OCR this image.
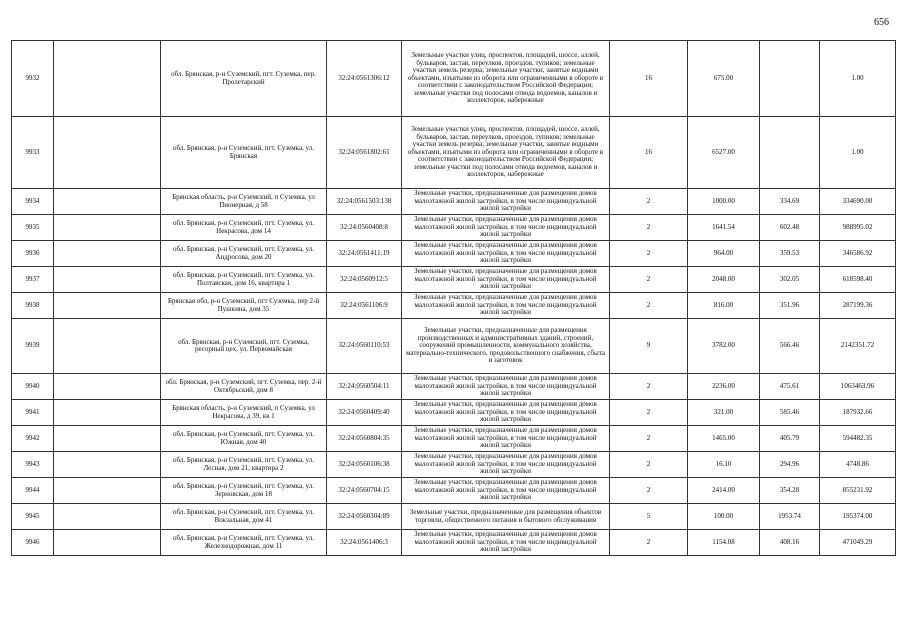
656
9932		обл. Брянская, р-н Суземский, пгт. Суземка, пер. Пролетарский	32:24:0561306:12	Земельные участки улиц, проспектов, площадей, шоссе, аллей, бульваров, застав, переулков, проездов, тупиков; земельные участки земель резерва; земельные участки, занятые водными объектами, изъятыми из оборота или ограниченными в обороте в соответствии с законодательством Российской Федерации; земельные участки под полосами отвода водоемов, каналов и коллекторов, набережные	16	675.00		1.00
9933		обл. Брянская, р-н Суземский, пгт. Суземка, ул. Брянская	32:24:0561802:61	Земельные участки улиц, проспектов, площадей, шоссе, аллей, бульваров, застав, переулков, проездов, тупиков; земельные участки земель резерва; земельные участки, занятые водными объектами, изъятыми из оборота или ограниченными в обороте в соответствии с законодательством Российской Федерации; земельные участки под полосами отвода водоемов, каналов и коллекторов, набережные	16	6527.00		1.00
9934		Брянская область, р-н Суземский, п Суземка, ул Пионерная, д 58	32:24:0561503:138	Земельные участки, предназначенные для размещения домов малоэтажной жилой застройки, в том числе индивидуальной жилой застройки	2	1000.00	334.69	334690.00
9935		обл. Брянская, р-н Суземский, пгт. Суземка, ул. Некрасова, дом 14	32:24:0560408:8	Земельные участки, предназначенные для размещения домов малоэтажной жилой застройки, в том числе индивидуальной жилой застройки	2	1641.54	602.48	988995.02
9936		обл. Брянская, р-н Суземский, пгт. Суземка, ул. Андросова, дом 20	32:24:0561411:19	Земельные участки, предназначенные для размещения домов малоэтажной жилой застройки, в том числе индивидуальной жилой застройки	2	964.00	359.53	346586.92
9937		обл. Брянская, р-н Суземский, пгт. Суземка, ул. Полтавская, дом 16, квартира 1	32:24:0560912:5	Земельные участки, предназначенные для размещения домов малоэтажной жилой застройки, в том числе индивидуальной жилой застройки	2	2048.00	302.05	618598.40
9938		Брянская обл, р-н Суземский, пгт Суземка, пер 2-й Пушкина, дом 35	32:24:0561106:9	Земельные участки, предназначенные для размещения домов малоэтажной жилой застройки, в том числе индивидуальной жилой застройки	2	816.00	351.96	287199.36
9939		обл. Брянская, р-н Суземский, пгт. Суземка, ресорный цех, ул. Первомайская	32:24:0560110:53	Земельные участки, предназначенные для размещения производственных и административных зданий, строений, сооружений промышленности, коммунального хозяйства, материально-технического, продовольственного снабжения, сбыта и заготовок	9	3782.00	566.46	2142351.72
9940		обл. Брянская, р-н Суземский, пгт. Суземка, пер. 2-й Октябрьский, дом 8	32:24:0560504:11	Земельные участки, предназначенные для размещения домов малоэтажной жилой застройки, в том числе индивидуальной жилой застройки	2	2236.00	475.61	1063463.96
9941		Брянская область, р-н Суземский, п Суземка, ул Некрасова, д 39, кв 1	32:24:0560409:40	Земельные участки, предназначенные для размещения домов малоэтажной жилой застройки, в том числе индивидуальной жилой застройки	2	321.00	585.46	187932.66
9942		обл. Брянская, р-н Суземский, пгт. Суземка, ул. Южная, дом 40	32:24:0560804:35	Земельные участки, предназначенные для размещения домов малоэтажной жилой застройки, в том числе индивидуальной жилой застройки	2	1465.00	405.79	594482.35
9943		обл. Брянская, р-н Суземский, пгт. Суземка, ул. Лесная, дом 21, квартира 2	32:24:0560106:38	Земельные участки, предназначенные для размещения домов малоэтажной жилой застройки, в том числе индивидуальной жилой застройки	2	16.10	294.96	4748.86
9944		обл. Брянская, р-н Суземский, пгт. Суземка, ул. Зерновская, дом 18	32:24:0560704:15	Земельные участки, предназначенные для размещения домов малоэтажной жилой застройки, в том числе индивидуальной жилой застройки	2	2414.00	354.28	855231.92
9945		обл. Брянская, р-н Суземский, пгт. Суземка, ул. Вокзальная, дом 41	32:24:0560304:89	Земельные участки, предназначенные для размещения объектов торговли, общественного питания и бытового обслуживания	5	100.00	1953.74	195374.00
9946		обл. Брянская, р-н Суземский, пгт. Суземка, ул. Железнодорожная, дом 11	32:24:0561406:3	Земельные участки, предназначенные для размещения домов малоэтажной жилой застройки, в том числе индивидуальной жилой застройки	2	1154.08	408.16	471049.29
